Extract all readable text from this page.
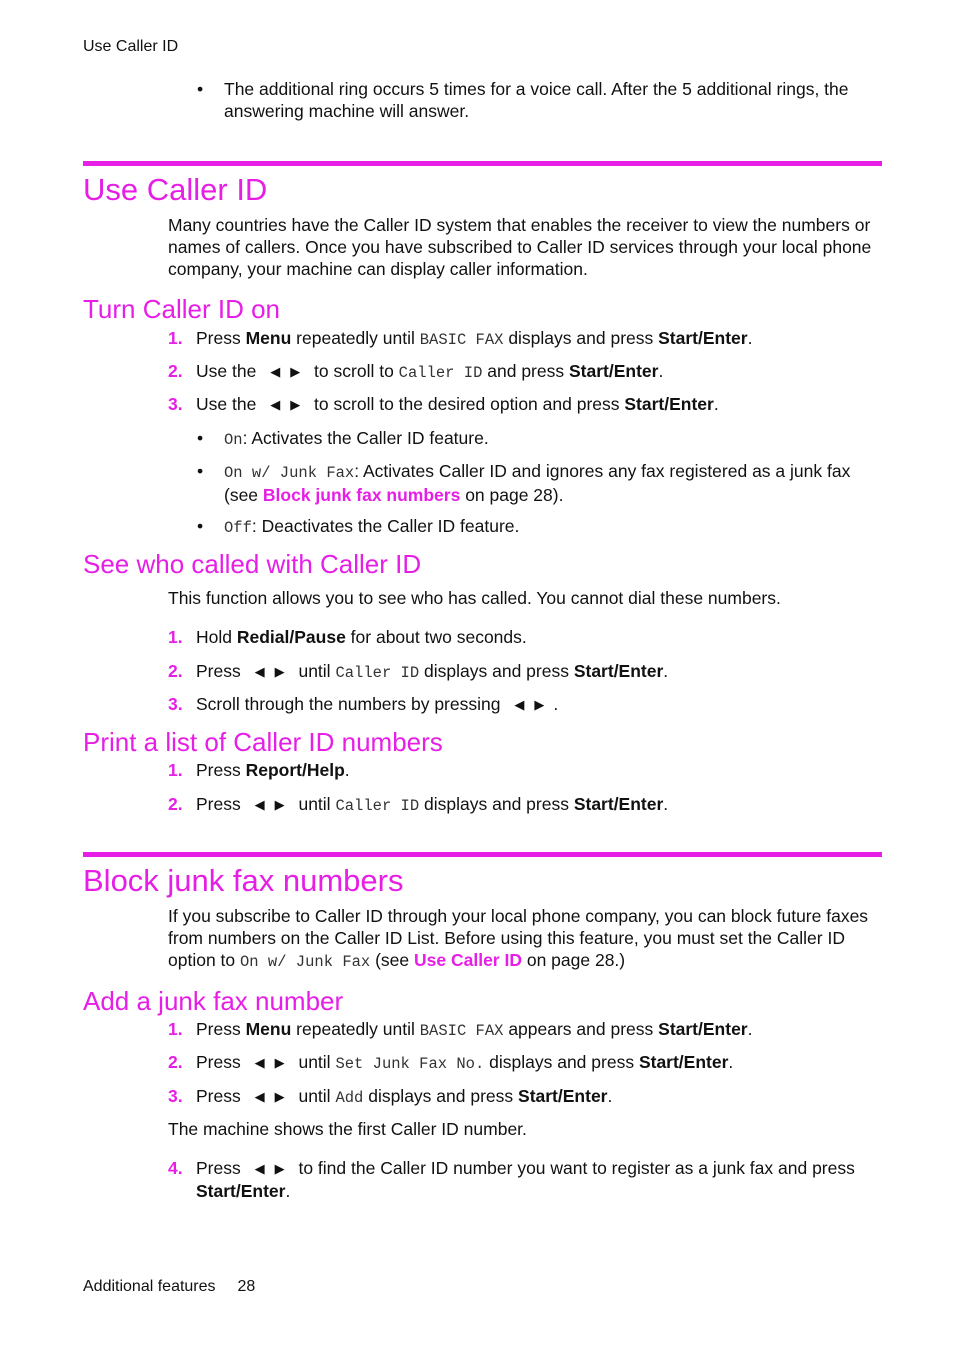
Use Caller ID
• The additional ring occurs 5 times for a voice call. After the 5 additional rings, the answering machine will answer.
Use Caller ID
Many countries have the Caller ID system that enables the receiver to view the numbers or names of callers. Once you have subscribed to Caller ID services through your local phone company, your machine can display caller information.
Turn Caller ID on
1. Press Menu repeatedly until BASIC FAX displays and press Start/Enter.
2. Use the ◀ ▶ to scroll to Caller ID and press Start/Enter.
3. Use the ◀ ▶ to scroll to the desired option and press Start/Enter.
• On: Activates the Caller ID feature.
• On w/ Junk Fax: Activates Caller ID and ignores any fax registered as a junk fax (see Block junk fax numbers on page 28).
• Off: Deactivates the Caller ID feature.
See who called with Caller ID
This function allows you to see who has called. You cannot dial these numbers.
1. Hold Redial/Pause for about two seconds.
2. Press ◀ ▶ until Caller ID displays and press Start/Enter.
3. Scroll through the numbers by pressing ◀ ▶ .
Print a list of Caller ID numbers
1. Press Report/Help.
2. Press ◀ ▶ until Caller ID displays and press Start/Enter.
Block junk fax numbers
If you subscribe to Caller ID through your local phone company, you can block future faxes from numbers on the Caller ID List. Before using this feature, you must set the Caller ID option to On w/ Junk Fax (see Use Caller ID on page 28.)
Add a junk fax number
1. Press Menu repeatedly until BASIC FAX appears and press Start/Enter.
2. Press ◀ ▶ until Set Junk Fax No. displays and press Start/Enter.
3. Press ◀ ▶ until Add displays and press Start/Enter.
The machine shows the first Caller ID number.
4. Press ◀ ▶ to find the Caller ID number you want to register as a junk fax and press Start/Enter.
Additional features 28
